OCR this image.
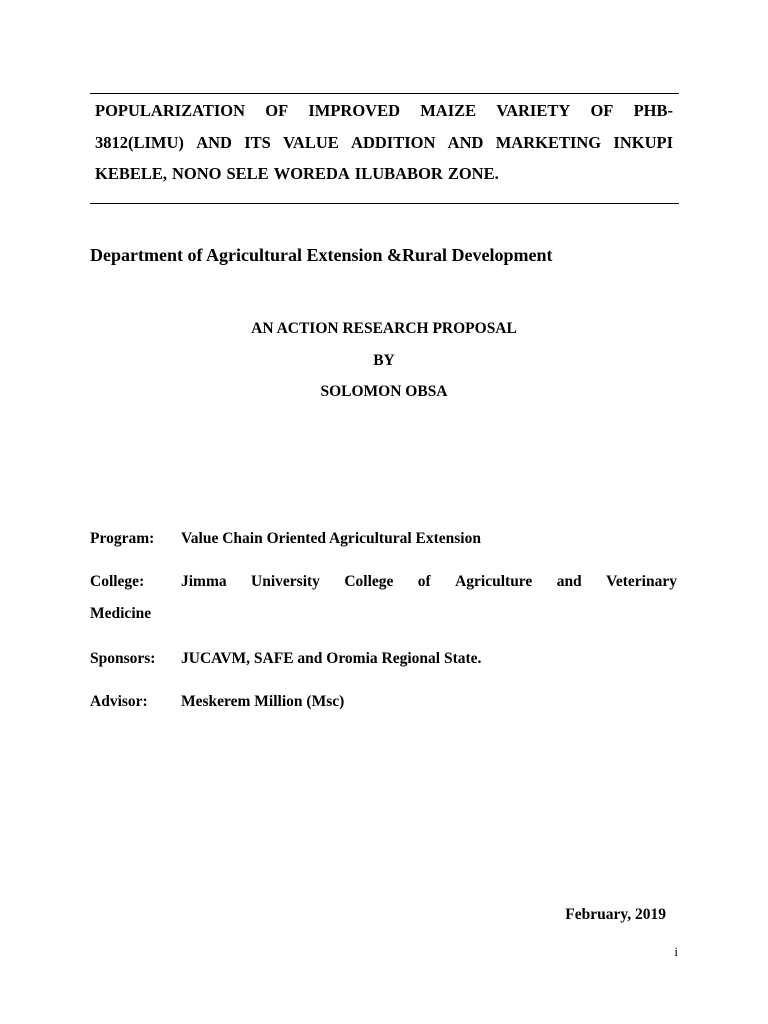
POPULARIZATION OF IMPROVED MAIZE VARIETY OF PHB-
3812(LIMU) AND ITS VALUE ADDITION AND MARKETING INKUPI
KEBELE, NONO SELE WOREDA ILUBABOR ZONE.
Department of Agricultural Extension &Rural Development
AN ACTION RESEARCH PROPOSAL
BY
SOLOMON OBSA
Program: Value Chain Oriented Agricultural Extension
College: Jimma University College of Agriculture and Veterinary
Medicine
Sponsors: JUCAVM, SAFE and Oromia Regional State.
Advisor: Meskerem Million (Msc)
February, 2019
i
